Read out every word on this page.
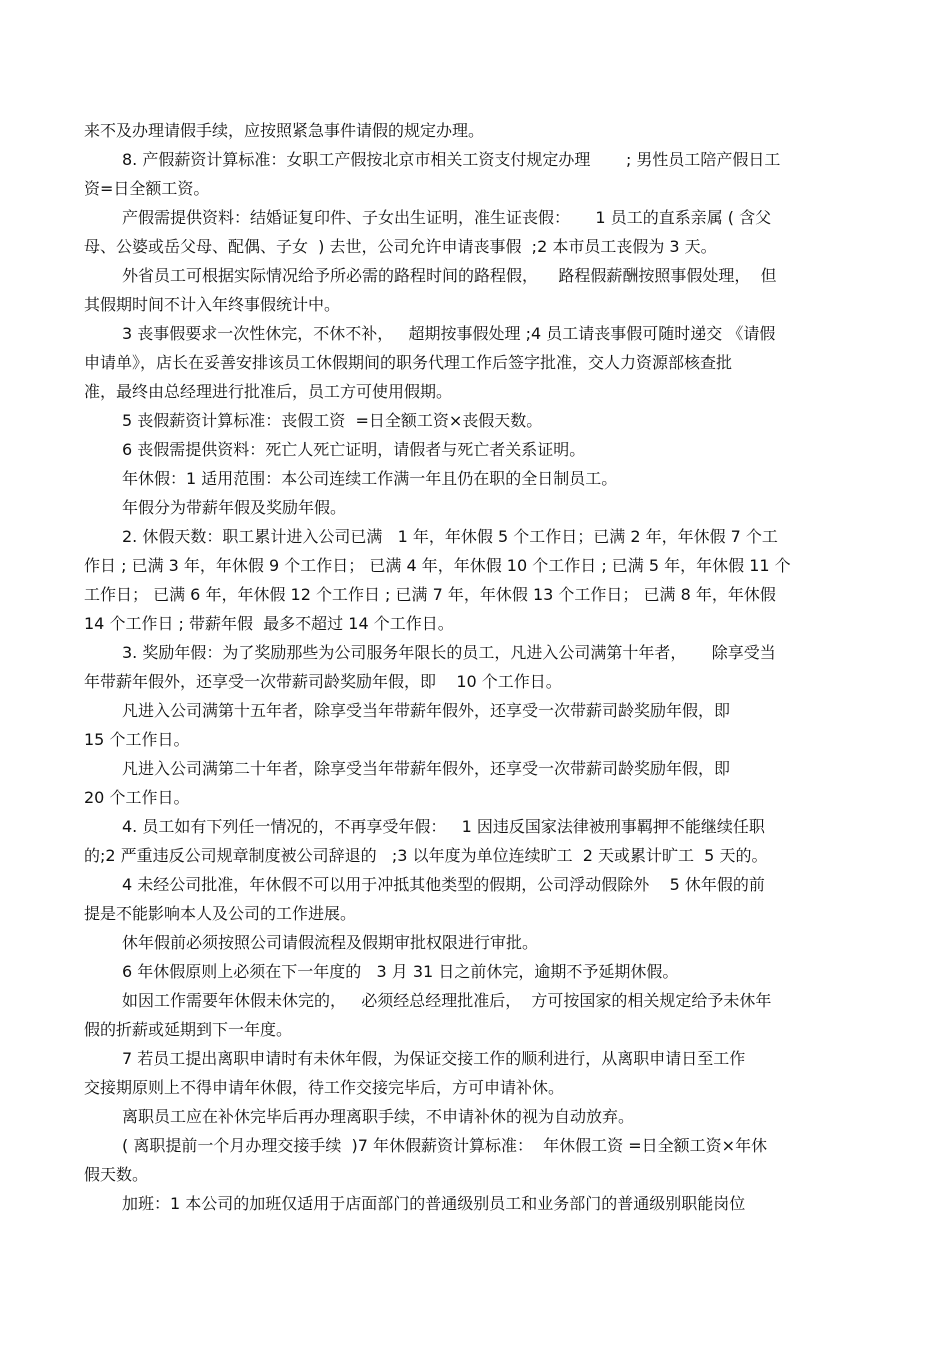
来不及办理请假手续，应按照紧急事件请假的规定办理。
8. 产假薪资计算标准：女职工产假按北京市相关工资支付规定办理       ; 男性员工陪产假日工
资=日全额工资。
产假需提供资料：结婚证复印件、子女出生证明，准生证丧假：     1 员工的直系亲属 ( 含父
母、公婆或岳父母、配偶、子女  ) 去世，公司允许申请丧事假  ;2 本市员工丧假为 3 天。
外省员工可根据实际情况给予所必需的路程时间的路程假，    路程假薪酬按照事假处理，  但
其假期时间不计入年终事假统计中。
3 丧事假要求一次性休完，不休不补，   超期按事假处理 ;4 员工请丧事假可随时递交 《请假
申请单》，店长在妥善安排该员工休假期间的职务代理工作后签字批准，交人力资源部核查批
准，最终由总经理进行批准后，员工方可使用假期。
5 丧假薪资计算标准：丧假工资  =日全额工资×丧假天数。
6 丧假需提供资料：死亡人死亡证明，请假者与死亡者关系证明。
年休假：1 适用范围：本公司连续工作满一年且仍在职的全日制员工。
年假分为带薪年假及奖励年假。
2. 休假天数：职工累计进入公司已满   1 年，年休假 5 个工作日；已满 2 年，年休假 7 个工
作日 ; 已满 3 年，年休假 9 个工作日； 已满 4 年，年休假 10 个工作日 ; 已满 5 年，年休假 11 个
工作日； 已满 6 年，年休假 12 个工作日 ; 已满 7 年，年休假 13 个工作日； 已满 8 年，年休假
14 个工作日 ; 带薪年假  最多不超过 14 个工作日。
3. 奖励年假：为了奖励那些为公司服务年限长的员工，凡进入公司满第十年者，     除享受当
年带薪年假外，还享受一次带薪司龄奖励年假，即    10 个工作日。
凡进入公司满第十五年者，除享受当年带薪年假外，还享受一次带薪司龄奖励年假，即
15 个工作日。
凡进入公司满第二十年者，除享受当年带薪年假外，还享受一次带薪司龄奖励年假，即
20 个工作日。
4. 员工如有下列任一情况的，不再享受年假：   1 因违反国家法律被刑事羁押不能继续任职
的;2 严重违反公司规章制度被公司辞退的   ;3 以年度为单位连续旷工  2 天或累计旷工  5 天的。
4 未经公司批准，年休假不可以用于冲抵其他类型的假期，公司浮动假除外    5 休年假的前
提是不能影响本人及公司的工作进展。
休年假前必须按照公司请假流程及假期审批权限进行审批。
6 年休假原则上必须在下一年度的   3 月 31 日之前休完，逾期不予延期休假。
如因工作需要年休假未休完的，   必须经总经理批准后，  方可按国家的相关规定给予未休年
假的折薪或延期到下一年度。
7 若员工提出离职申请时有未休年假，为保证交接工作的顺利进行，从离职申请日至工作
交接期原则上不得申请年休假，待工作交接完毕后，方可申请补休。
离职员工应在补休完毕后再办理离职手续，不申请补休的视为自动放弃。
( 离职提前一个月办理交接手续  )7 年休假薪资计算标准：  年休假工资 =日全额工资×年休
假天数。
加班：1 本公司的加班仅适用于店面部门的普通级别员工和业务部门的普通级别职能岗位
